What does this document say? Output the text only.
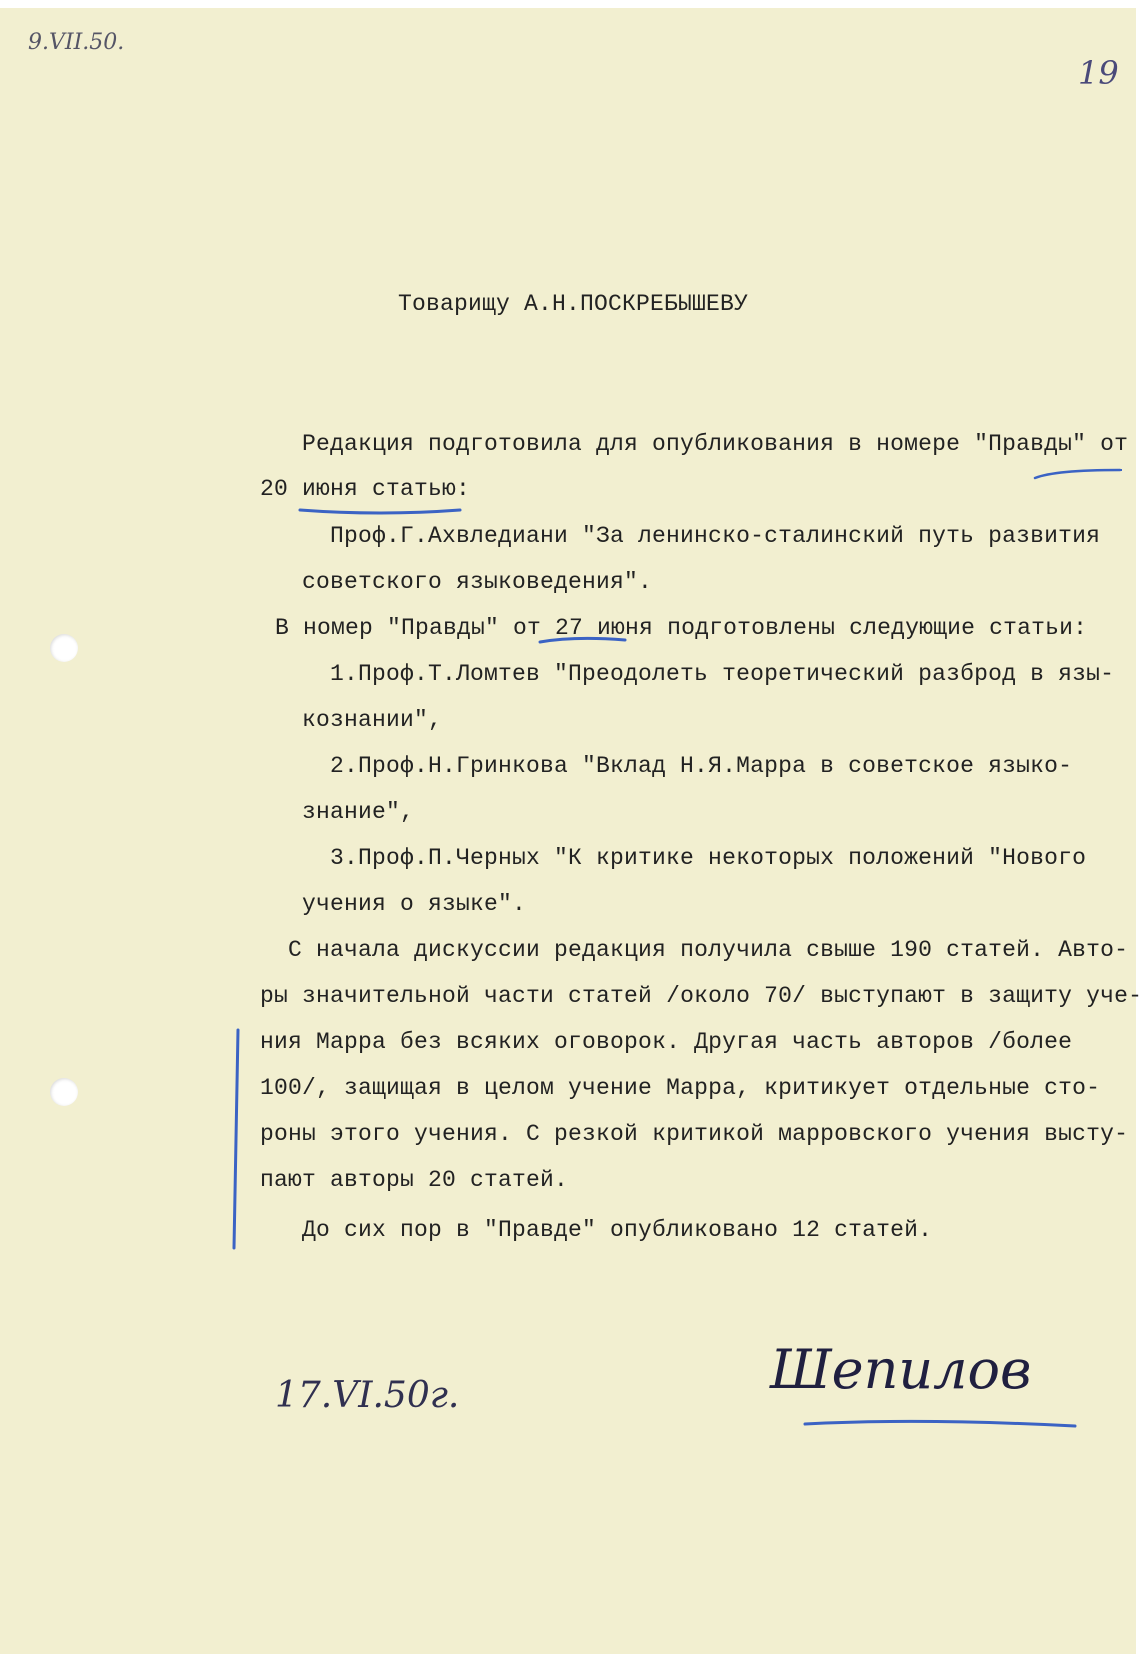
9.VII.50.
19
Товарищу А.Н.ПОСКРЕБЫШЕВУ
Редакция подготовила для опубликования в номере "Правды" от
20 июня статью:
Проф.Г.Ахвледиани "За ленинско-сталинский путь развития
советского языковедения".
В номер "Правды" от 27 июня подготовлены следующие статьи:
1.Проф.Т.Ломтев "Преодолеть теоретический разброд в язы-
кознании",
2.Проф.Н.Гринкова "Вклад Н.Я.Марра в советское языко-
знание",
3.Проф.П.Черных "К критике некоторых положений "Нового
учения о языке".
С начала дискуссии редакция получила свыше 190 статей. Авто-
ры значительной части статей /около 70/ выступают в защиту уче-
ния Марра без всяких оговорок. Другая часть авторов /более
100/, защищая в целом учение Марра, критикует отдельные сто-
роны этого учения. С резкой критикой марровского учения высту-
пают авторы 20 статей.
До сих пор в "Правде" опубликовано 12 статей.
17.VI.50г.	Шепилов
